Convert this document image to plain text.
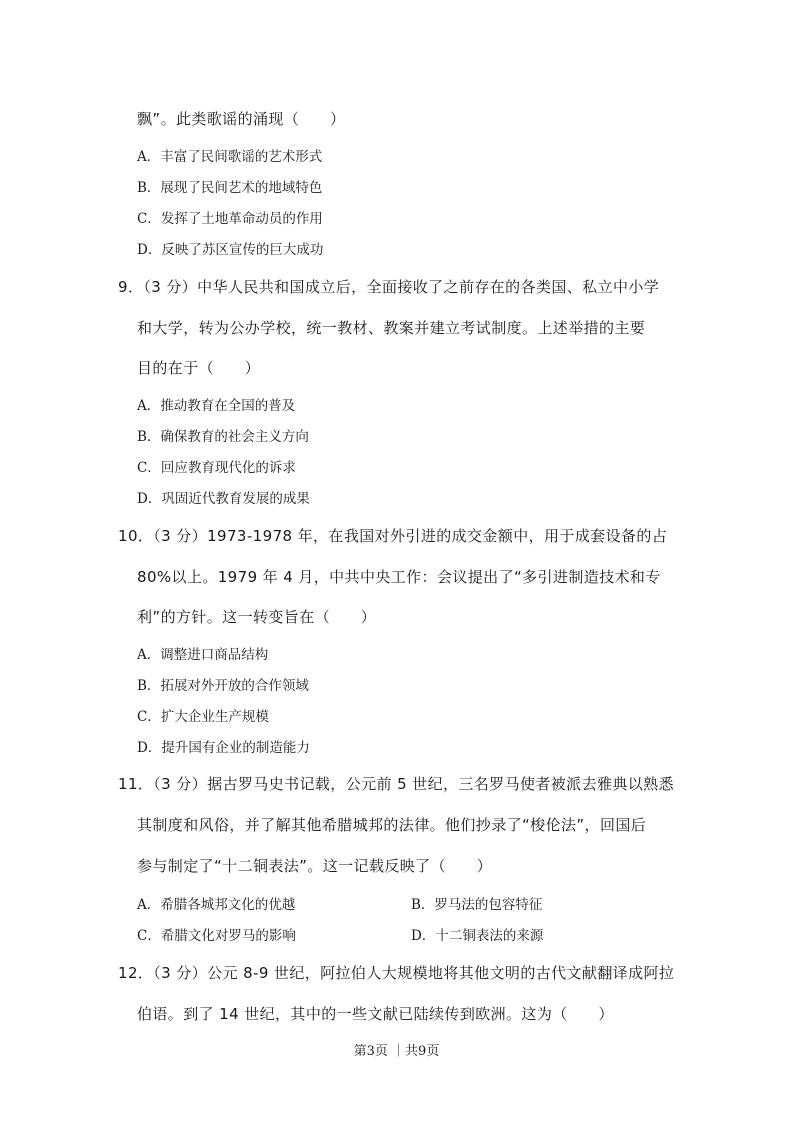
飘”。此类歌谣的涌现（　　）
A．丰富了民间歌谣的艺术形式
B．展现了民间艺术的地域特色
C．发挥了土地革命动员的作用
D．反映了苏区宣传的巨大成功
9．（3 分）中华人民共和国成立后，全面接收了之前存在的各类国、私立中小学
和大学，转为公办学校，统一教材、教案并建立考试制度。上述举措的主要
目的在于（　　）
A．推动教育在全国的普及
B．确保教育的社会主义方向
C．回应教育现代化的诉求
D．巩固近代教育发展的成果
10．（3 分）1973-1978 年，在我国对外引进的成交金额中，用于成套设备的占
80%以上。1979 年 4 月，中共中央工作：会议提出了“多引进制造技术和专
利”的方针。这一转变旨在（　　）
A．调整进口商品结构
B．拓展对外开放的合作领域
C．扩大企业生产规模
D．提升国有企业的制造能力
11．（3 分）据古罗马史书记载，公元前 5 世纪，三名罗马使者被派去雅典以熟悉
其制度和风俗，并了解其他希腊城邦的法律。他们抄录了“梭伦法”，回国后
参与制定了“十二铜表法”。这一记载反映了（　　）
A．希腊各城邦文化的优越	B．罗马法的包容特征
C．希腊文化对罗马的影响	D．十二铜表法的来源
12．（3 分）公元 8-9 世纪，阿拉伯人大规模地将其他文明的古代文献翻译成阿拉
伯语。到了 14 世纪，其中的一些文献已陆续传到欧洲。这为（　　）
第3页 ｜共9页
